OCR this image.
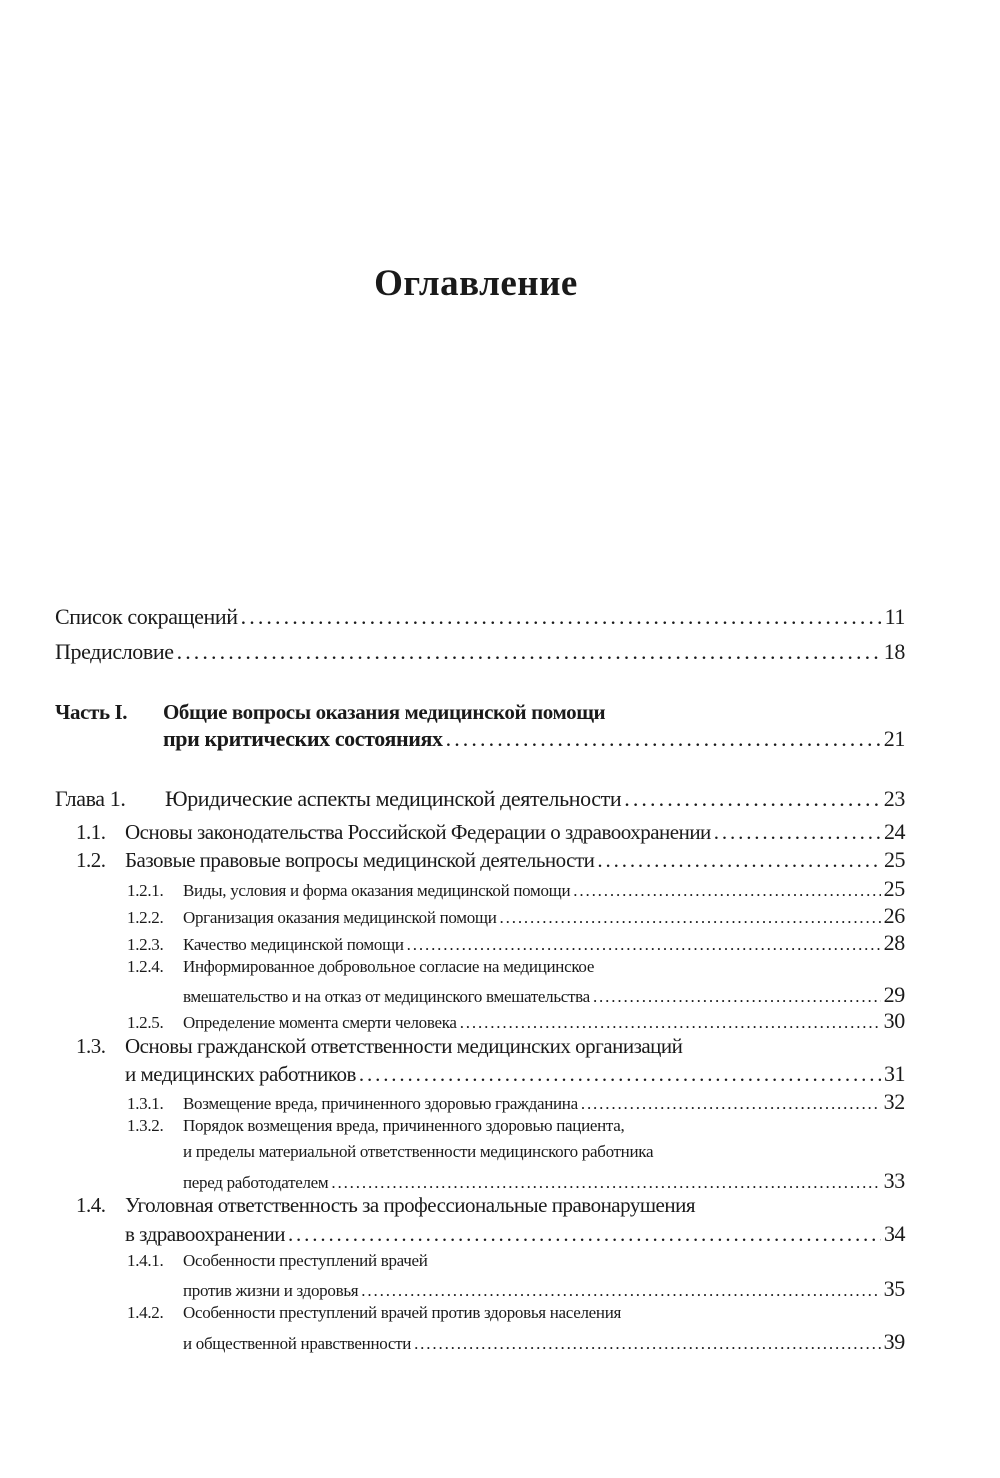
Оглавление
Список сокращений . . .	11
Предисловие . . .	18
Часть I.	Общие вопросы оказания медицинской помощи
при критических состояниях . . .	21
Глава 1.	Юридические аспекты медицинской деятельности . . .	23
1.1. Основы законодательства Российской Федерации о здравоохранении . . .	24
1.2. Базовые правовые вопросы медицинской деятельности . . .	25
1.2.1.	Виды, условия и форма оказания медицинской помощи . . .	25
1.2.2.	Организация оказания медицинской помощи . . .	26
1.2.3.	Качество медицинской помощи . . .	28
1.2.4.	Информированное добровольное согласие на медицинское
вмешательство и на отказ от медицинского вмешательства . . .	29
1.2.5.	Определение момента смерти человека . . .	30
1.3. Основы гражданской ответственности медицинских организаций
и медицинских работников . . .	31
1.3.1.	Возмещение вреда, причиненного здоровью гражданина . . .	32
1.3.2.	Порядок возмещения вреда, причиненного здоровью пациента,
и пределы материальной ответственности медицинского работника
перед работодателем . . .	33
1.4. Уголовная ответственность за профессиональные правонарушения
в здравоохранении . . .	34
1.4.1.	Особенности преступлений врачей
против жизни и здоровья . . .	35
1.4.2.	Особенности преступлений врачей против здоровья населения
и общественной нравственности . . .	39
